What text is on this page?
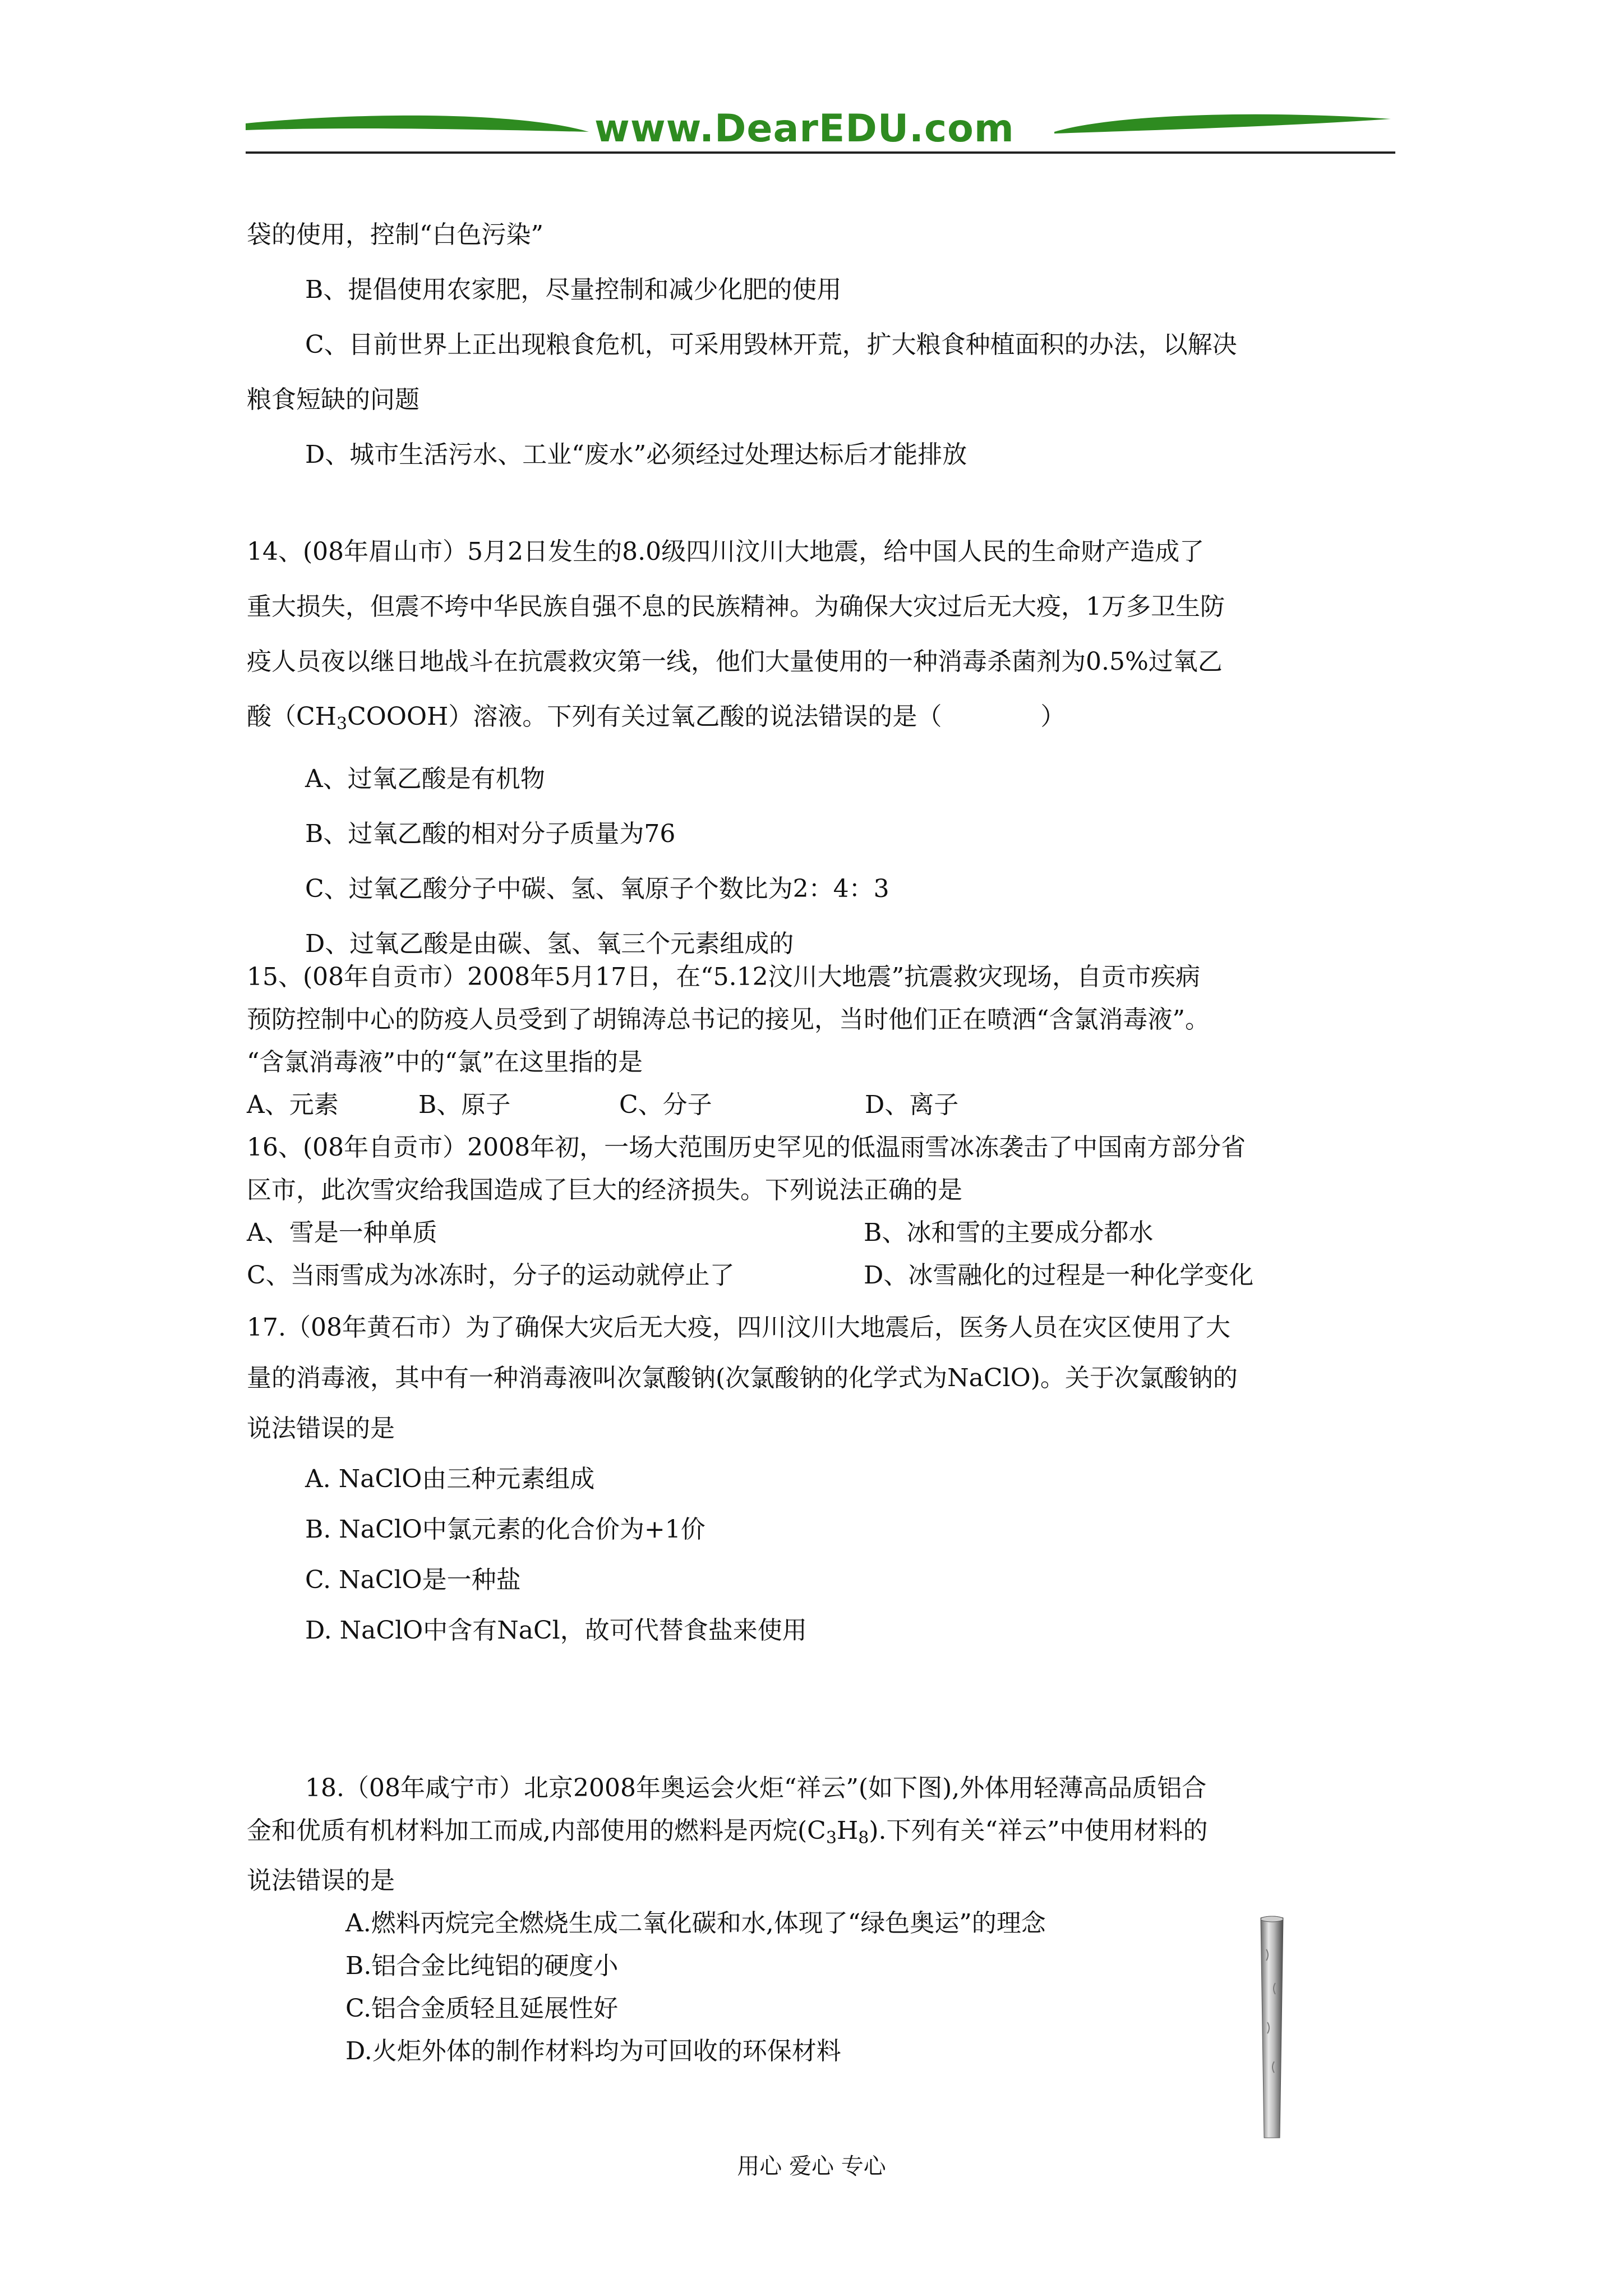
www.DearEDU.com
袋的使用，控制“白色污染”
B、提倡使用农家肥，尽量控制和减少化肥的使用
C、目前世界上正出现粮食危机，可采用毁林开荒，扩大粮食种植面积的办法，以解决
粮食短缺的问题
D、城市生活污水、工业“废水”必须经过处理达标后才能排放
14、(08年眉山市）5月2日发生的8.0级四川汶川大地震，给中国人民的生命财产造成了
重大损失，但震不垮中华民族自强不息的民族精神。为确保大灾过后无大疫，1万多卫生防
疫人员夜以继日地战斗在抗震救灾第一线，他们大量使用的一种消毒杀菌剂为0.5%过氧乙
酸$(CH_3COOOH)$溶液。下列有关过氧乙酸的说法错误的是（　　　　）
A、过氧乙酸是有机物
B、过氧乙酸的相对分子质量为76
C、过氧乙酸分子中碳、氢、氧原子个数比为2：4：3
D、过氧乙酸是由碳、氢、氧三个元素组成的
15、(08年自贡市）2008年5月17日，在“5.12汶川大地震”抗震救灾现场，自贡市疾病
预防控制中心的防疫人员受到了胡锦涛总书记的接见，当时他们正在喷洒“含氯消毒液”。
“含氯消毒液”中的“氯”在这里指的是
A、元素	B、原子	C、分子	D、离子
16、(08年自贡市）2008年初，一场大范围历史罕见的低温雨雪冰冻袭击了中国南方部分省
区市，此次雪灾给我国造成了巨大的经济损失。下列说法正确的是
A、雪是一种单质	B、冰和雪的主要成分都水
C、当雨雪成为冰冻时，分子的运动就停止了	D、冰雪融化的过程是一种化学变化
17.（08年黄石市）为了确保大灾后无大疫，四川汶川大地震后，医务人员在灾区使用了大
量的消毒液，其中有一种消毒液叫次氯酸钠(次氯酸钠的化学式为NaClO)。关于次氯酸钠的
说法错误的是
A. NaClO由三种元素组成
B. NaClO中氯元素的化合价为+1价
C. NaClO是一种盐
D. NaClO中含有NaCl，故可代替食盐来使用
18.（08年咸宁市）北京2008年奥运会火炬“祥云”(如下图),外体用轻薄高品质铝合
金和优质有机材料加工而成,内部使用的燃料是丙烷$(C_3H_8)$.下列有关“祥云”中使用材料的
说法错误的是
A.燃料丙烷完全燃烧生成二氧化碳和水,体现了“绿色奥运”的理念
B.铝合金比纯铝的硬度小
C.铝合金质轻且延展性好
D.火炬外体的制作材料均为可回收的环保材料
用心 爱心 专心
